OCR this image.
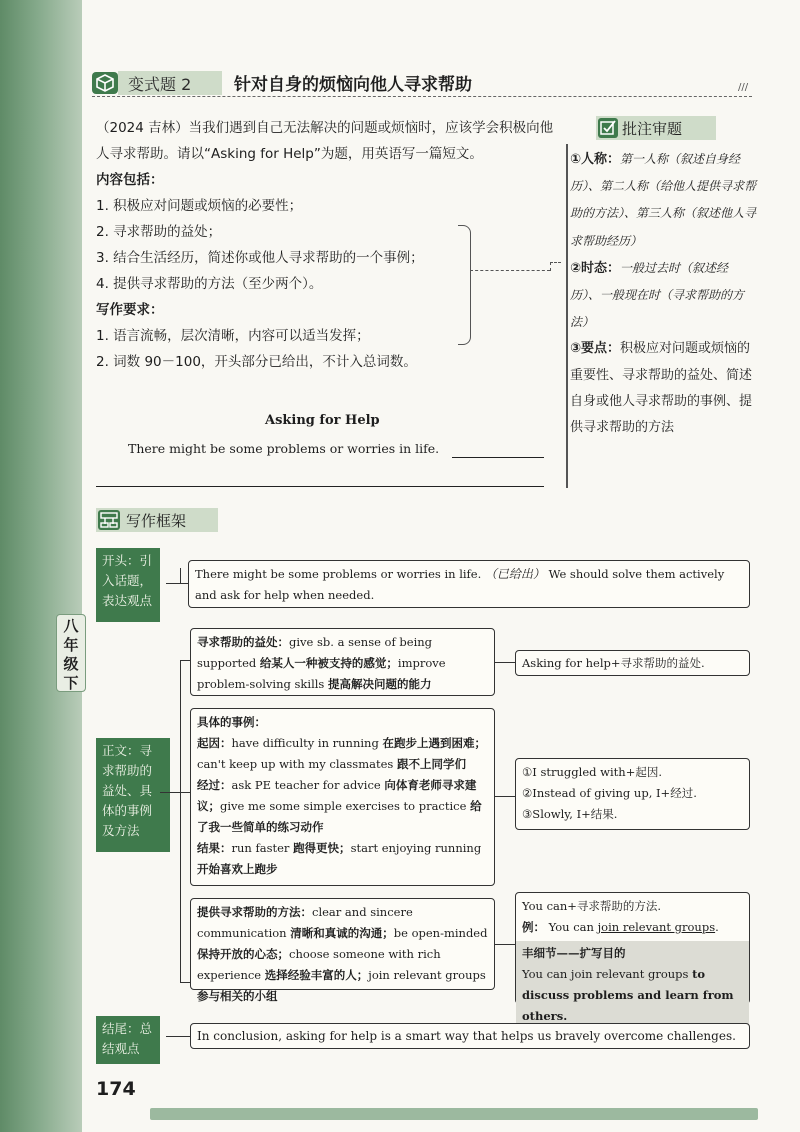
变式题 2	针对自身的烦恼向他人寻求帮助	///

（2024 吉林）当我们遇到自己无法解决的问题或烦恼时，应该学会积极向他人寻求帮助。请以“Asking for Help”为题，用英语写一篇短文。

内容包括：

1. 积极应对问题或烦恼的必要性；

2. 寻求帮助的益处；

3. 结合生活经历，简述你或他人寻求帮助的一个事例；

4. 提供寻求帮助的方法（至少两个）。

写作要求：

1. 语言流畅，层次清晰，内容可以适当发挥；

2. 词数 90－100，开头部分已给出，不计入总词数。

Asking for Help
There might be some problems or worries in life.
批注审题

①人称：第一人称（叙述自身经历）、第二人称（给他人提供寻求帮助的方法）、第三人称（叙述他人寻求帮助经历）

②时态：一般过去时（叙述经历）、一般现在时（寻求帮助的方法）

③要点：积极应对问题或烦恼的重要性、寻求帮助的益处、简述自身或他人寻求帮助的事例、提供寻求帮助的方法

写作框架
开头：引入话题，表达观点
There might be some problems or worries in life. （已给出） We should solve them actively and ask for help when needed.
八年级下
正文：寻求帮助的益处、具体的事例及方法
寻求帮助的益处：give sb. a sense of being supported 给某人一种被支持的感觉；improve problem-solving skills 提高解决问题的能力
Asking for help+寻求帮助的益处.
具体的事例：
起因：have difficulty in running 在跑步上遇到困难；can't keep up with my classmates 跟不上同学们
经过：ask PE teacher for advice 向体育老师寻求建议；give me some simple exercises to practice 给了我一些简单的练习动作
结果：run faster 跑得更快；start enjoying running 开始喜欢上跑步
①I struggled with+起因.
②Instead of giving up, I+经过.
③Slowly, I+结果.
提供寻求帮助的方法：clear and sincere communication 清晰和真诚的沟通；be open-minded 保持开放的心态；choose someone with rich experience 选择经验丰富的人；join relevant groups 参与相关的小组
You can+寻求帮助的方法.
例： You can join relevant groups.
丰细节——扩写目的
You can join relevant groups to discuss problems and learn from others.
结尾：总结观点
In conclusion, asking for help is a smart way that helps us bravely overcome challenges.
174
